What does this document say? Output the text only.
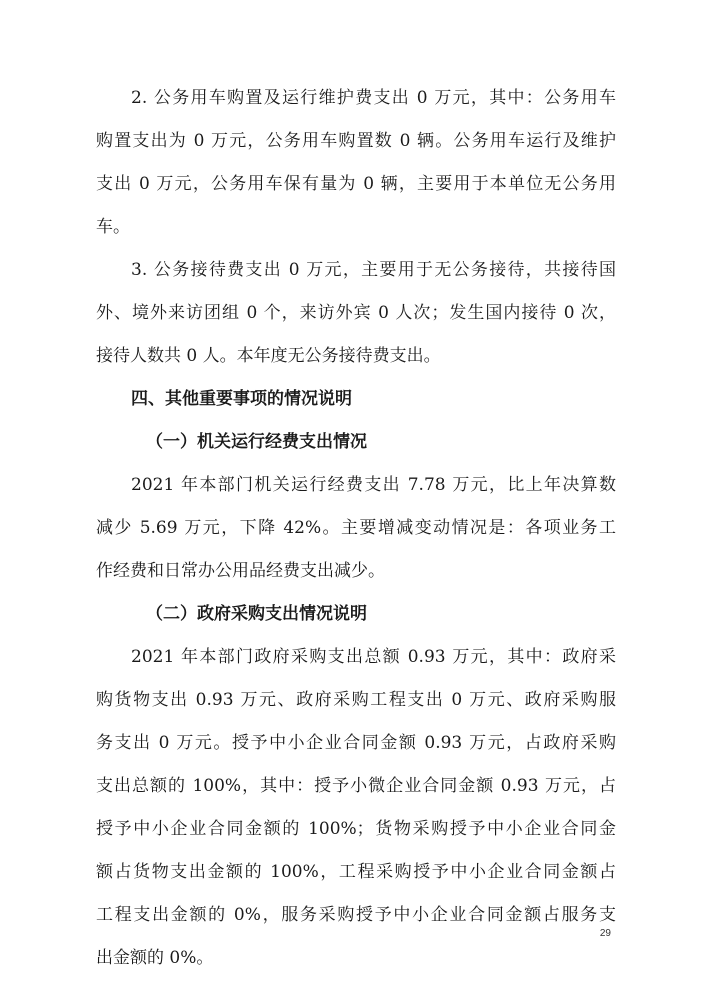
2. 公务用车购置及运行维护费支出 0 万元，其中：公务用车
购置支出为 0 万元，公务用车购置数 0 辆。公务用车运行及维护
支出 0 万元，公务用车保有量为 0 辆，主要用于本单位无公务用
车。
3. 公务接待费支出 0 万元，主要用于无公务接待，共接待国
外、境外来访团组 0 个，来访外宾 0 人次；发生国内接待 0 次，
接待人数共 0 人。本年度无公务接待费支出。
四、其他重要事项的情况说明
（一）机关运行经费支出情况
2021 年本部门机关运行经费支出 7.78 万元，比上年决算数
减少 5.69 万元，下降 42%。主要增减变动情况是：各项业务工
作经费和日常办公用品经费支出减少。
（二）政府采购支出情况说明
2021 年本部门政府采购支出总额 0.93 万元，其中：政府采
购货物支出 0.93 万元、政府采购工程支出 0 万元、政府采购服
务支出 0 万元。授予中小企业合同金额 0.93 万元，占政府采购
支出总额的 100%，其中：授予小微企业合同金额 0.93 万元，占
授予中小企业合同金额的 100%；货物采购授予中小企业合同金
额占货物支出金额的 100%，工程采购授予中小企业合同金额占
工程支出金额的 0%，服务采购授予中小企业合同金额占服务支
出金额的 0%。
29
